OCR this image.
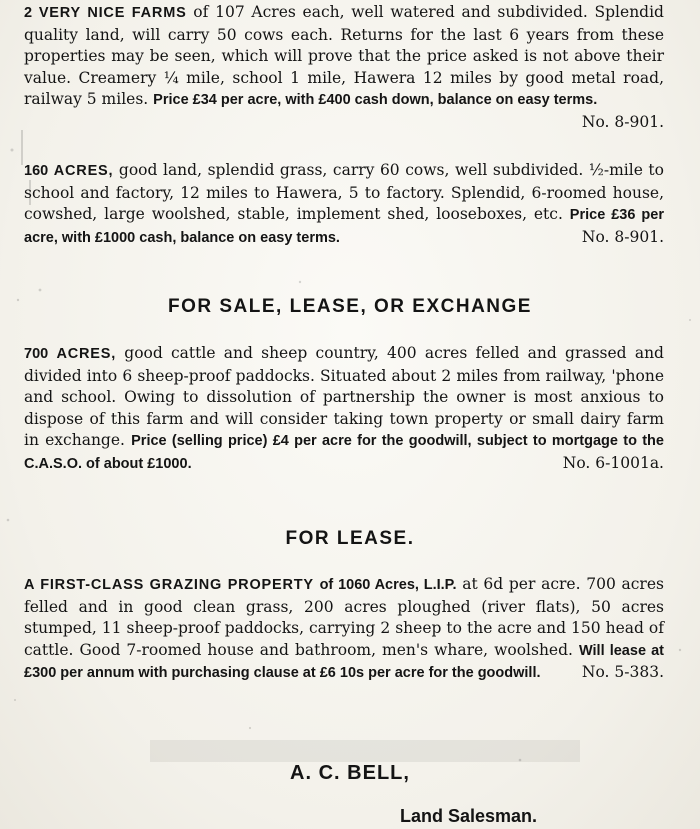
2 VERY NICE FARMS of 107 Acres each, well watered and subdivided. Splendid quality land, will carry 50 cows each. Returns for the last 6 years from these properties may be seen, which will prove that the price asked is not above their value. Creamery ¼ mile, school 1 mile, Hawera 12 miles by good metal road, railway 5 miles. Price £34 per acre, with £400 cash down, balance on easy terms.
No. 8-901.

160 ACRES, good land, splendid grass, carry 60 cows, well subdivided. ½-mile to school and factory, 12 miles to Hawera, 5 to factory. Splendid, 6-roomed house, cowshed, large woolshed, stable, implement shed, looseboxes, etc. Price £36 per acre, with £1000 cash, balance on easy terms.	No. 8-901.

FOR SALE, LEASE, OR EXCHANGE

700 ACRES, good cattle and sheep country, 400 acres felled and grassed and divided into 6 sheep-proof paddocks. Situated about 2 miles from railway, 'phone and school. Owing to dissolution of partnership the owner is most anxious to dispose of this farm and will consider taking town property or small dairy farm in exchange. Price (selling price) £4 per acre for the goodwill, subject to mortgage to the C.A.S.O. of about £1000.	No. 6-1001a.

FOR LEASE.

A FIRST-CLASS GRAZING PROPERTY of 1060 Acres, L.I.P. at 6d per acre. 700 acres felled and in good clean grass, 200 acres ploughed (river flats), 50 acres stumped, 11 sheep-proof paddocks, carrying 2 sheep to the acre and 150 head of cattle. Good 7-roomed house and bathroom, men's whare, woolshed. Will lease at £300 per annum with purchasing clause at £6 10s per acre for the goodwill.	No. 5-383.

A. C. BELL,
Land Salesman.
